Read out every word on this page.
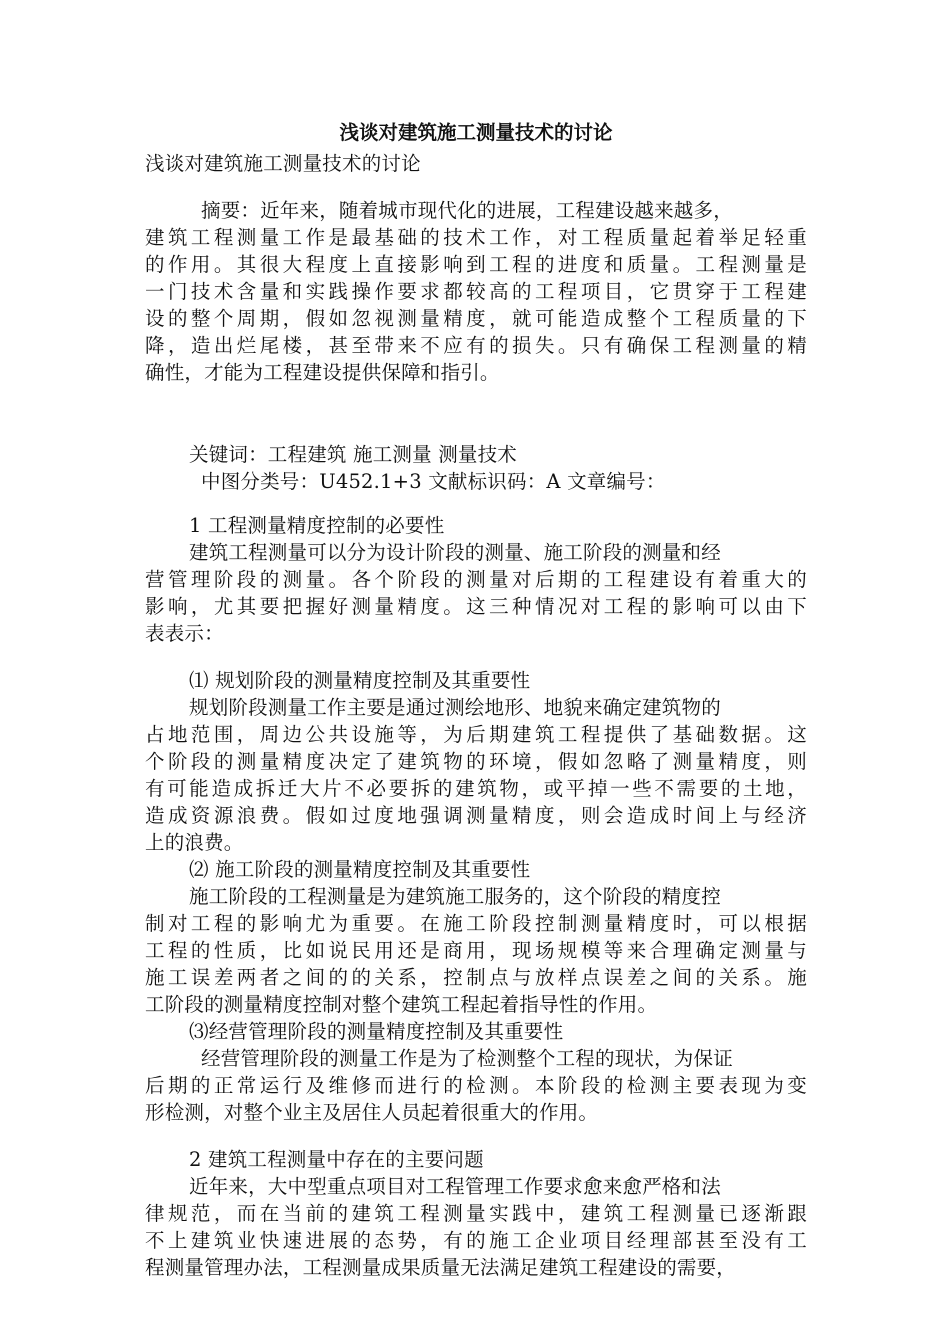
浅谈对建筑施工测量技术的讨论
浅谈对建筑施工测量技术的讨论
摘要：近年来，随着城市现代化的进展，工程建设越来越多，
建筑工程测量工作是最基础的技术工作，对工程质量起着举足轻重
的作用。其很大程度上直接影响到工程的进度和质量。工程测量是
一门技术含量和实践操作要求都较高的工程项目，它贯穿于工程建
设的整个周期，假如忽视测量精度，就可能造成整个工程质量的下
降，造出烂尾楼，甚至带来不应有的损失。只有确保工程测量的精
确性，才能为工程建设提供保障和指引。
关键词：工程建筑 施工测量 测量技术
中图分类号：U452.1+3 文献标识码：A 文章编号：
1 工程测量精度控制的必要性
建筑工程测量可以分为设计阶段的测量、施工阶段的测量和经
营管理阶段的测量。各个阶段的测量对后期的工程建设有着重大的
影响，尤其要把握好测量精度。这三种情况对工程的影响可以由下
表表示：
⑴ 规划阶段的测量精度控制及其重要性
规划阶段测量工作主要是通过测绘地形、地貌来确定建筑物的
占地范围，周边公共设施等，为后期建筑工程提供了基础数据。这
个阶段的测量精度决定了建筑物的环境，假如忽略了测量精度，则
有可能造成拆迁大片不必要拆的建筑物，或平掉一些不需要的土地，
造成资源浪费。假如过度地强调测量精度，则会造成时间上与经济
上的浪费。
⑵ 施工阶段的测量精度控制及其重要性
施工阶段的工程测量是为建筑施工服务的，这个阶段的精度控
制对工程的影响尤为重要。在施工阶段控制测量精度时，可以根据
工程的性质，比如说民用还是商用，现场规模等来合理确定测量与
施工误差两者之间的的关系，控制点与放样点误差之间的关系。施
工阶段的测量精度控制对整个建筑工程起着指导性的作用。
⑶经营管理阶段的测量精度控制及其重要性
经营管理阶段的测量工作是为了检测整个工程的现状，为保证
后期的正常运行及维修而进行的检测。本阶段的检测主要表现为变
形检测，对整个业主及居住人员起着很重大的作用。
2 建筑工程测量中存在的主要问题
近年来，大中型重点项目对工程管理工作要求愈来愈严格和法
律规范，而在当前的建筑工程测量实践中，建筑工程测量已逐渐跟
不上建筑业快速进展的态势，有的施工企业项目经理部甚至没有工
程测量管理办法，工程测量成果质量无法满足建筑工程建设的需要，
